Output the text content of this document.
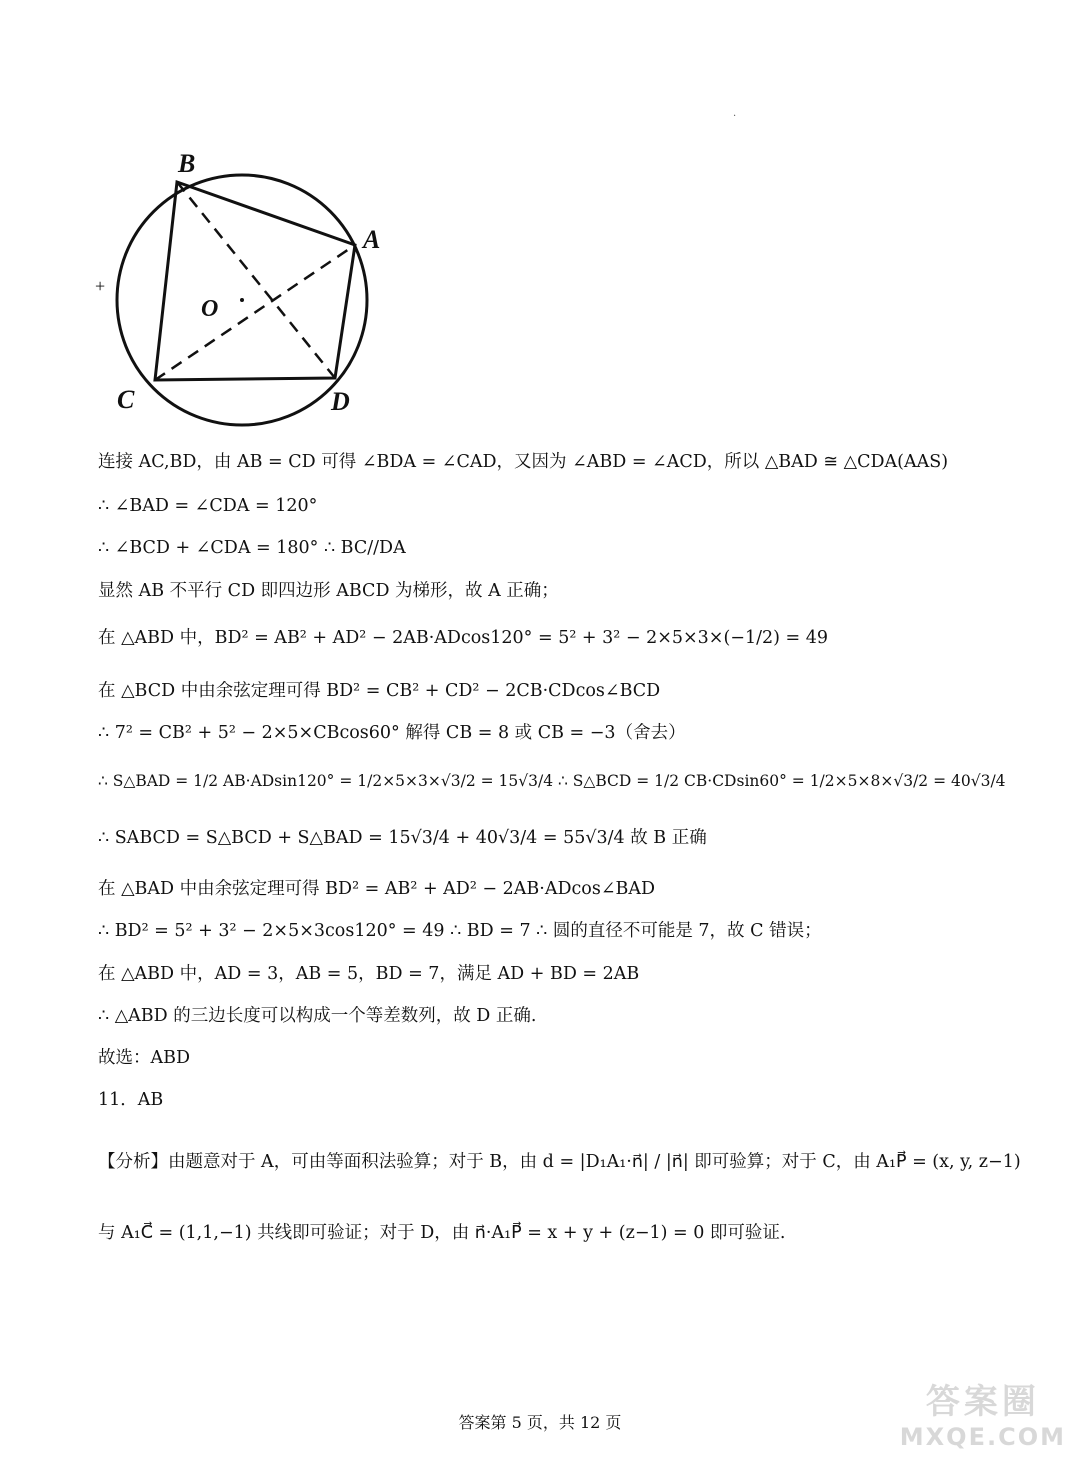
.
+
B
A
O
C	D
连接 AC,BD，由 AB = CD 可得 ∠BDA = ∠CAD，又因为 ∠ABD = ∠ACD，所以 △BAD ≅ △CDA(AAS)
∴ ∠BAD = ∠CDA = 120°
∴ ∠BCD + ∠CDA = 180° ∴ BC//DA
显然 AB 不平行 CD 即四边形 ABCD 为梯形，故 A 正确；
在 △ABD 中，BD² = AB² + AD² − 2AB·ADcos120° = 5² + 3² − 2×5×3×(−1/2) = 49
在 △BCD 中由余弦定理可得 BD² = CB² + CD² − 2CB·CDcos∠BCD
∴ 7² = CB² + 5² − 2×5×CBcos60° 解得 CB = 8 或 CB = −3（舍去）
∴ S△BAD = 1/2 AB·ADsin120° = 1/2×5×3×√3/2 = 15√3/4 ∴ S△BCD = 1/2 CB·CDsin60° = 1/2×5×8×√3/2 = 40√3/4
∴ SABCD = S△BCD + S△BAD = 15√3/4 + 40√3/4 = 55√3/4 故 B 正确
在 △BAD 中由余弦定理可得 BD² = AB² + AD² − 2AB·ADcos∠BAD
∴ BD² = 5² + 3² − 2×5×3cos120° = 49 ∴ BD = 7 ∴ 圆的直径不可能是 7，故 C 错误；
在 △ABD 中，AD = 3，AB = 5，BD = 7，满足 AD + BD = 2AB
∴ △ABD 的三边长度可以构成一个等差数列，故 D 正确.
故选：ABD
11．AB
【分析】由题意对于 A，可由等面积法验算；对于 B，由 d = |D₁A₁·n⃗| / |n⃗| 即可验算；对于 C，由 A₁P⃗ = (x, y, z−1)
与 A₁C⃗ = (1,1,−1) 共线即可验证；对于 D，由 n⃗·A₁P⃗ = x + y + (z−1) = 0 即可验证.
答案圈
MXQE.COM
答案第 5 页，共 12 页
